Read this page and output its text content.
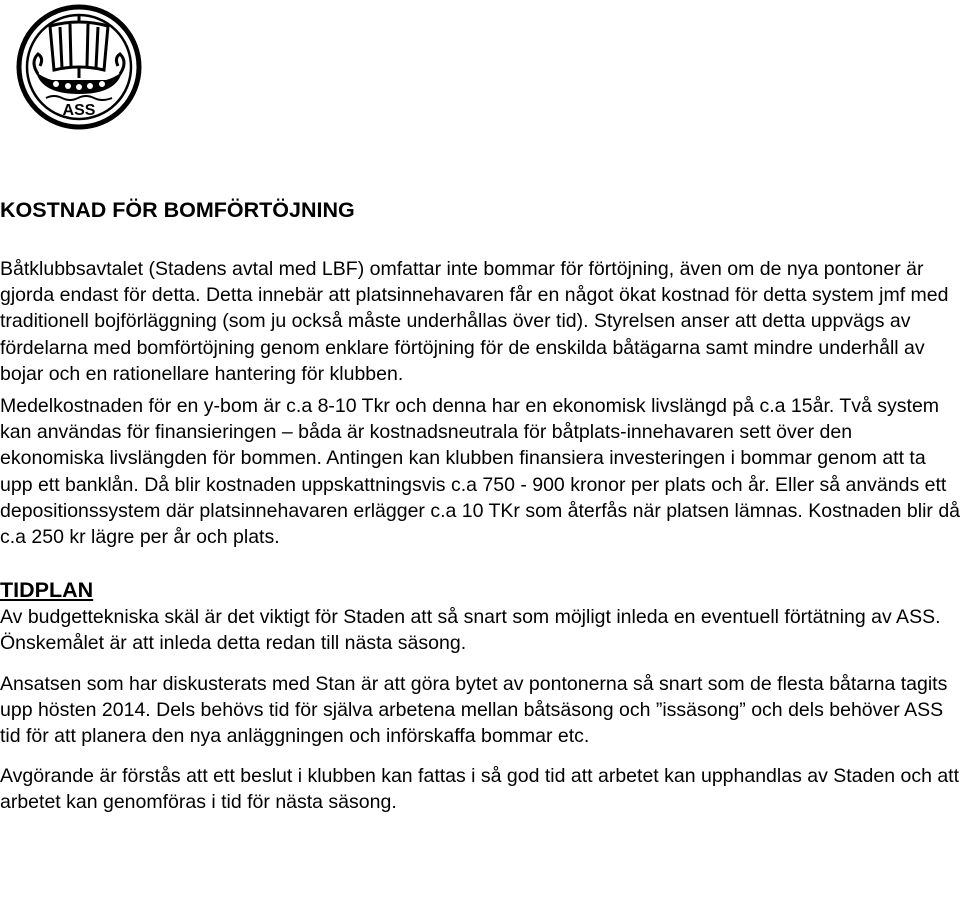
ASS
KOSTNAD FÖR BOMFÖRTÖJNING

Båtklubbsavtalet (Stadens avtal med LBF) omfattar inte bommar för förtöjning, även om de nya pontoner är gjorda endast för detta. Detta innebär att platsinnehavaren får en något ökat kostnad för detta system jmf med traditionell bojförläggning (som ju också måste underhållas över tid). Styrelsen anser att detta uppvägs av fördelarna med bomförtöjning genom enklare förtöjning för de enskilda båtägarna samt mindre underhåll av bojar och en rationellare hantering för klubben.

Medelkostnaden för en y-bom är c.a 8-10 Tkr och denna har en ekonomisk livslängd på c.a 15år. Två system kan användas för finansieringen – båda är kostnadsneutrala för båtplats-innehavaren sett över den ekonomiska livslängden för bommen. Antingen kan klubben finansiera investeringen i bommar genom att ta upp ett banklån. Då blir kostnaden uppskattningsvis c.a 750 - 900 kronor per plats och år. Eller så används ett depositionssystem där platsinnehavaren erlägger c.a 10 TKr som återfås när platsen lämnas. Kostnaden blir då c.a 250 kr lägre per år och plats.

TIDPLAN

Av budgettekniska skäl är det viktigt för Staden att så snart som möjligt inleda en eventuell förtätning av ASS. Önskemålet är att inleda detta redan till nästa säsong.

Ansatsen som har diskusterats med Stan är att göra bytet av pontonerna så snart som de flesta båtarna tagits upp hösten 2014. Dels behövs tid för själva arbetena mellan båtsäsong och ”issäsong” och dels behöver ASS tid för att planera den nya anläggningen och införskaffa bommar etc.

Avgörande är förstås att ett beslut i klubben kan fattas i så god tid att arbetet kan upphandlas av Staden och att arbetet kan genomföras i tid för nästa säsong.
